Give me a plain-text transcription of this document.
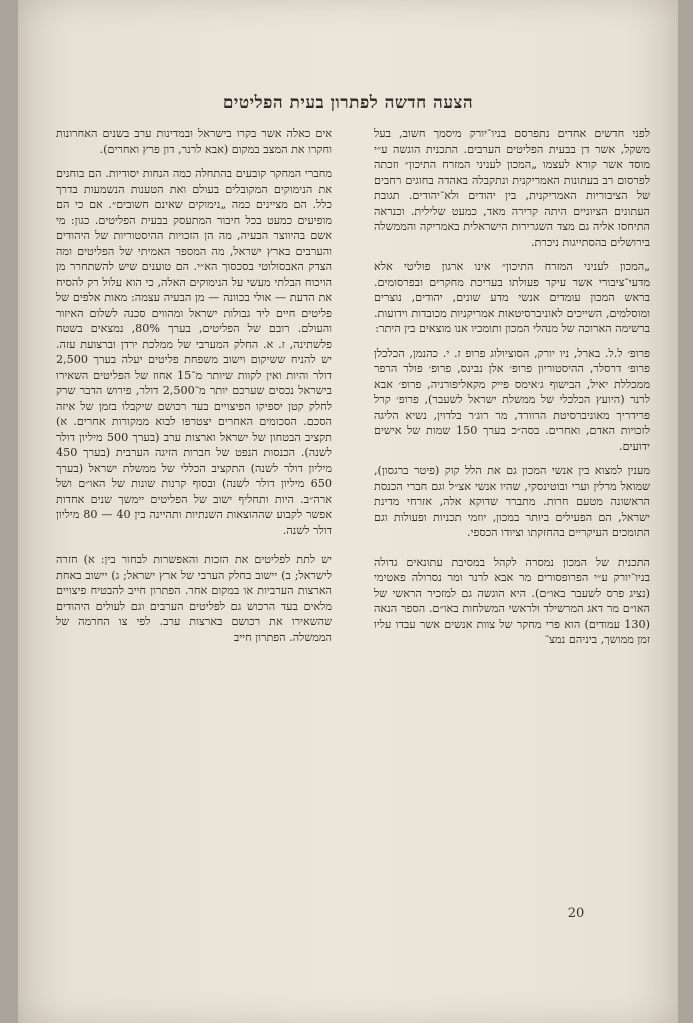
הצעה חדשה לפתרון בעית הפליטים

לפני חדשים אחדים נתפרסם בניו־יורק מיסמך חשוב, בעל משקל, אשר דן בבעית הפליטים הערבים. התכנית הוגשה ע״י מוסד אשר קורא לעצמו „המכון לעניני המזרח התיכון״ וזכתה לפרסום רב בעתונות האמריקנית ונתקבלה באהדה בחוגים רחבים של הציבוריות האמריקנית, בין יהודים ולא־יהודים. תגובת העתונים הציוניים היתה קרירה מאד, כמעט שלילית. וכנראה התיחסו אליה גם מצד השגרירות הישראלית באמריקה והממשלה בירושלים בהסתייגות ניכרת.

„המכון לעניני המזרח התיכון״ אינו ארגון פוליטי אלא מדעי־ציבורי אשר עיקר פעולתו בעריכת מחקרים ובפרסומים. בראש המכון עומדים אנשי מדע שונים, יהודים, נוצרים ומוסלמים, השייכים לאוניברסיטאות אמריקניות מכובדות וידועות. ברשימה הארוכה של מנהלי המכון ותומכיו אנו מוצאים בין היתר:

פרופ׳ ל.ל. בארל, ניו יורק, הסוציולוג פרופ ז. י. כהנמן, הכלכלן פרופ׳ דרסלר, ההיסטוריון פרופ׳ אלן נבינס, פרופ׳ פולר הרפר ממכללת יאיל, הבישוף ג׳אימס פייק מקאליפורניה, פרופ׳ אבא לרנר (היועץ הכלכלי של ממשלת ישראל לשעבר), פרופ׳ קרל פרידריך מאוניברסיטת הרוורד, מר רוג׳ר בלדוין, נשיא הליגה לזכויות האדם, ואחרים. בסה״כ בערך 150 שמות של אישים ידועים.

מענין למצוא בין אנשי המכון גם את הלל קוק (פיטר ברגסון), שמואל מרלין וערי ובוטינסקי, שהיו אנשי אצ״ל וגם חברי הכנסת הראשונה מטעם חרות. מתברר שדוקא אלה, אזרחי מדינת ישראל, הם הפעילים ביותר במכון, יוזמי תכניות ופעולות וגם התומכים העיקריים בהחזקתו וציודו הכספי.

התכנית של המכון נמסרה לקהל במסיבת עתונאים גדולה בניו־יורק ע״י הפרופסורים מר אבא לרנר ומר נסרולה פאטימי (נציג פרס לשעבר באו״ם). היא הוגשה גם למזכיר הראשי של האו״ם מר דאג המרשילד ולראשי המשלחות באו״ם. הספר הנאה (130 עמודים) הוא פרי מחקר של צוות אנשים אשר עבדו עליו זמן ממושך, ביניהם נמצ־

אים כאלה אשר בקרו בישראל ובמדינות ערב בשנים האחרונות וחקרו את המצב במקום (אבא לרנר, דון פרץ ואחרים).

מחברי המחקר קובעים בהתחלה כמה הנחות יסודיות. הם בוחנים את הנימוקים המקובלים בעולם ואת הטענות הנשמעות בדרך כלל. הם מציינים כמה „נימוקים שאינם חשובים״. אם כי הם מופיעים כמעט בכל חיבור המתעסק בבעית הפליטים. כגון: מי אשם בהיווצר הבעיה, מה הן הזכויות ההיסטוריות של היהודים והערבים בארץ ישראל, מה המספר האמיתי של הפליטים ומה הצדק האבסולוטי בסכסוך הא״י. הם טוענים שיש להשתחרר מן הויכוח הבלתי מעשי על הנימוקים האלה, כי הוא עלול רק להסיח את הדעת — אולי בכוונה — מן הבעיה עצמה: מאות אלפים של פליטים חיים ליד גבולות ישראל ומהווים סכנה לשלום האיזור והעולם. רובם של הפליטים, בערך 80%, נמצאים בשטח פלשתינה, ז. א. החלק המערבי של ממלכת ירדן וברצועת עזה. יש להניח ששיקום וישוב משפחת פליטים יעלה בערך 2,500 דולר והיות ואין לקוות שיותר מ־15 אחוז של הפליטים השאירו בישראל נכסים שערכם יותר מ־2,500 דולר, פירוש הדבר שרק לחלק קטן יספיקו הפיצויים בעד רכושם שיקבלו בזמן של איזה הסכם. הסכומים האחרים יצטרפו לבוא ממקורות אחרים. א) תקציב הבטחון של ישראל וארצות ערב (בערך 500 מיליון דולר לשנה). הכנסות הנפט של חברות הזיגה הערבית (בערך 450 מיליון דולר לשנה) התקציב הכללי של ממשלת ישראל (בערך 650 מיליון דולר לשנה) ובסוף קרנות שונות של האו״ם ושל ארה״ב. היות ותחליף ישוב של הפליטים יימשך שנים אחדות אפשר לקבוע שההוצאות השנתיות ותהיינה בין 40 — 80 מיליון דולר לשנה.

יש לתת לפליטים את הזכות והאפשרות לבחור בין: א) חזרה לישראל; ב) יישוב בחלק הערבי של ארץ ישראל; ג) יישוב באחת הארצות הערביות או במקום אחר. הפתרון חייב להבטיח פיצויים מלאים בעד הרכוש גם לפליטים הערבים וגם לעולים היהודים שהשאירו את רכושם בארצות ערב. לפי צו החרמה של הממשלה. הפתרון חייב

20
